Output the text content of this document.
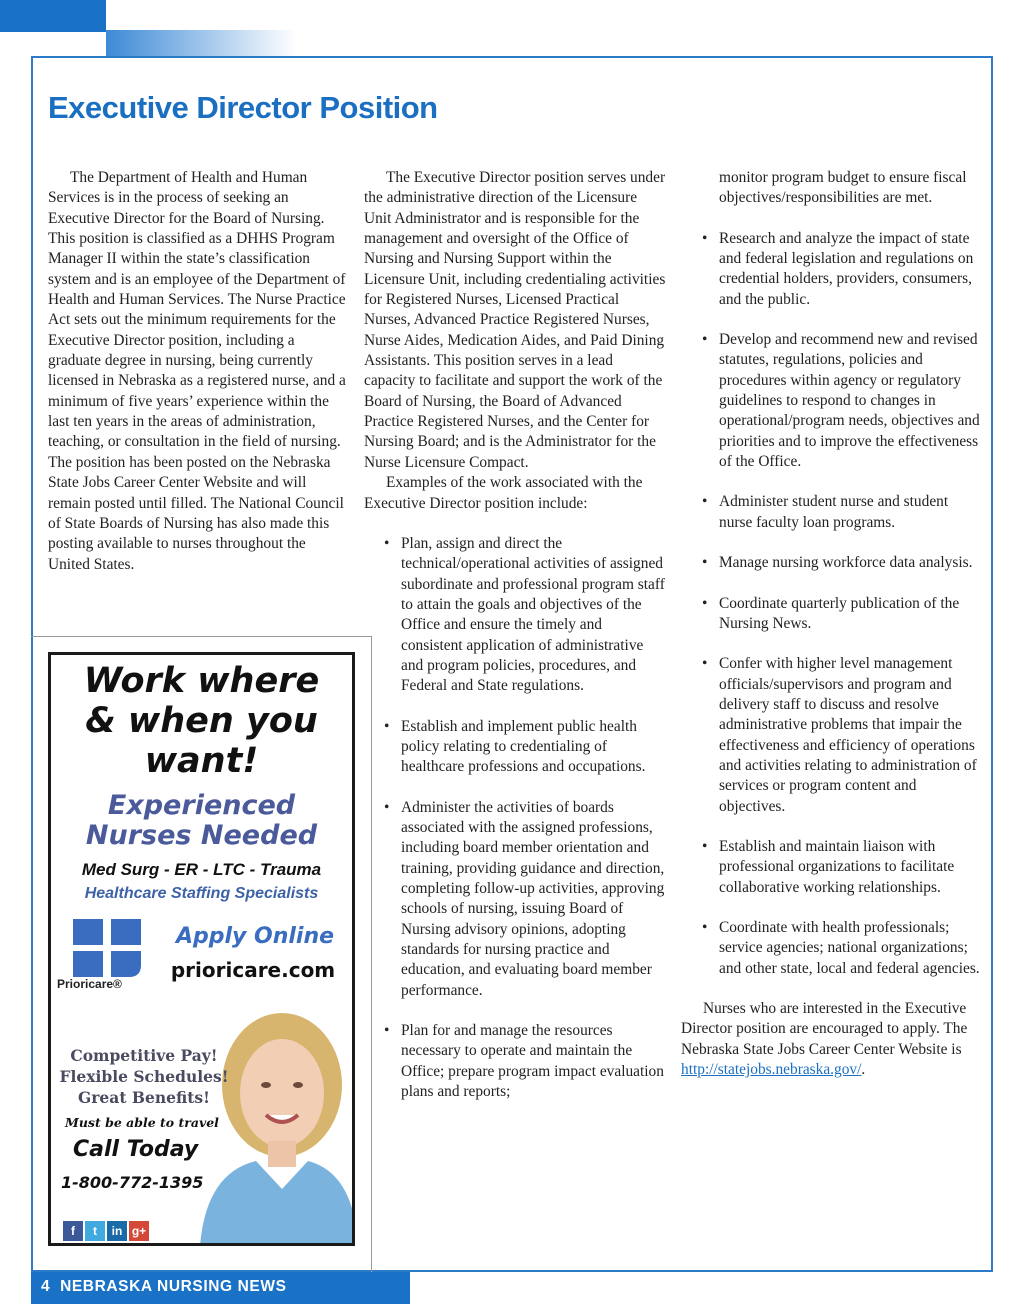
Executive Director Position

The Department of Health and Human Services is in the process of seeking an Executive Director for the Board of Nursing. This position is classified as a DHHS Program Manager II within the state’s classification system and is an employee of the Department of Health and Human Services. The Nurse Practice Act sets out the minimum requirements for the Executive Director position, including a graduate degree in nursing, being currently licensed in Nebraska as a registered nurse, and a minimum of five years’ experience within the last ten years in the areas of administration, teaching, or consultation in the field of nursing. The position has been posted on the Nebraska State Jobs Career Center Website and will remain posted until filled. The National Council of State Boards of Nursing has also made this posting available to nurses throughout the United States.

The Executive Director position serves under the administrative direction of the Licensure Unit Administrator and is responsible for the management and oversight of the Office of Nursing and Nursing Support within the Licensure Unit, including credentialing activities for Registered Nurses, Licensed Practical Nurses, Advanced Practice Registered Nurses, Nurse Aides, Medication Aides, and Paid Dining Assistants. This position serves in a lead capacity to facilitate and support the work of the Board of Nursing, the Board of Advanced Practice Registered Nurses, and the Center for Nursing Board; and is the Administrator for the Nurse Licensure Compact.

Examples of the work associated with the Executive Director position include:

• Plan, assign and direct the technical/operational activities of assigned subordinate and professional program staff to attain the goals and objectives of the Office and ensure the timely and consistent application of administrative and program policies, procedures, and Federal and State regulations.
• Establish and implement public health policy relating to credentialing of healthcare professions and occupations.
• Administer the activities of boards associated with the assigned professions, including board member orientation and training, providing guidance and direction, completing follow-up activities, approving schools of nursing, issuing Board of Nursing advisory opinions, adopting standards for nursing practice and education, and evaluating board member performance.
• Plan for and manage the resources necessary to operate and maintain the Office; prepare program impact evaluation plans and reports;

monitor program budget to ensure fiscal objectives/responsibilities are met.

• Research and analyze the impact of state and federal legislation and regulations on credential holders, providers, consumers, and the public.
• Develop and recommend new and revised statutes, regulations, policies and procedures within agency or regulatory guidelines to respond to changes in operational/program needs, objectives and priorities and to improve the effectiveness of the Office.
• Administer student nurse and student nurse faculty loan programs.
• Manage nursing workforce data analysis.
• Coordinate quarterly publication of the Nursing News.
• Confer with higher level management officials/supervisors and program and delivery staff to discuss and resolve administrative problems that impair the effectiveness and efficiency of operations and activities relating to administration of services or program content and objectives.
• Establish and maintain liaison with professional organizations to facilitate collaborative working relationships.
• Coordinate with health professionals; service agencies; national organizations; and other state, local and federal agencies.

Nurses who are interested in the Executive Director position are encouraged to apply. The Nebraska State Jobs Career Center Website is http://statejobs.nebraska.gov/.

Work where
& when you
want!
Experienced
Nurses Needed
Med Surg - ER - LTC - Trauma
Healthcare Staffing Specialists
Prioricare®
Apply Online
prioricare.com
Competitive Pay!
Flexible Schedules!
Great Benefits!
Must be able to travel
Call Today
1-800-772-1395
f	t	in g+
4 NEBRASKA NURSING NEWS
